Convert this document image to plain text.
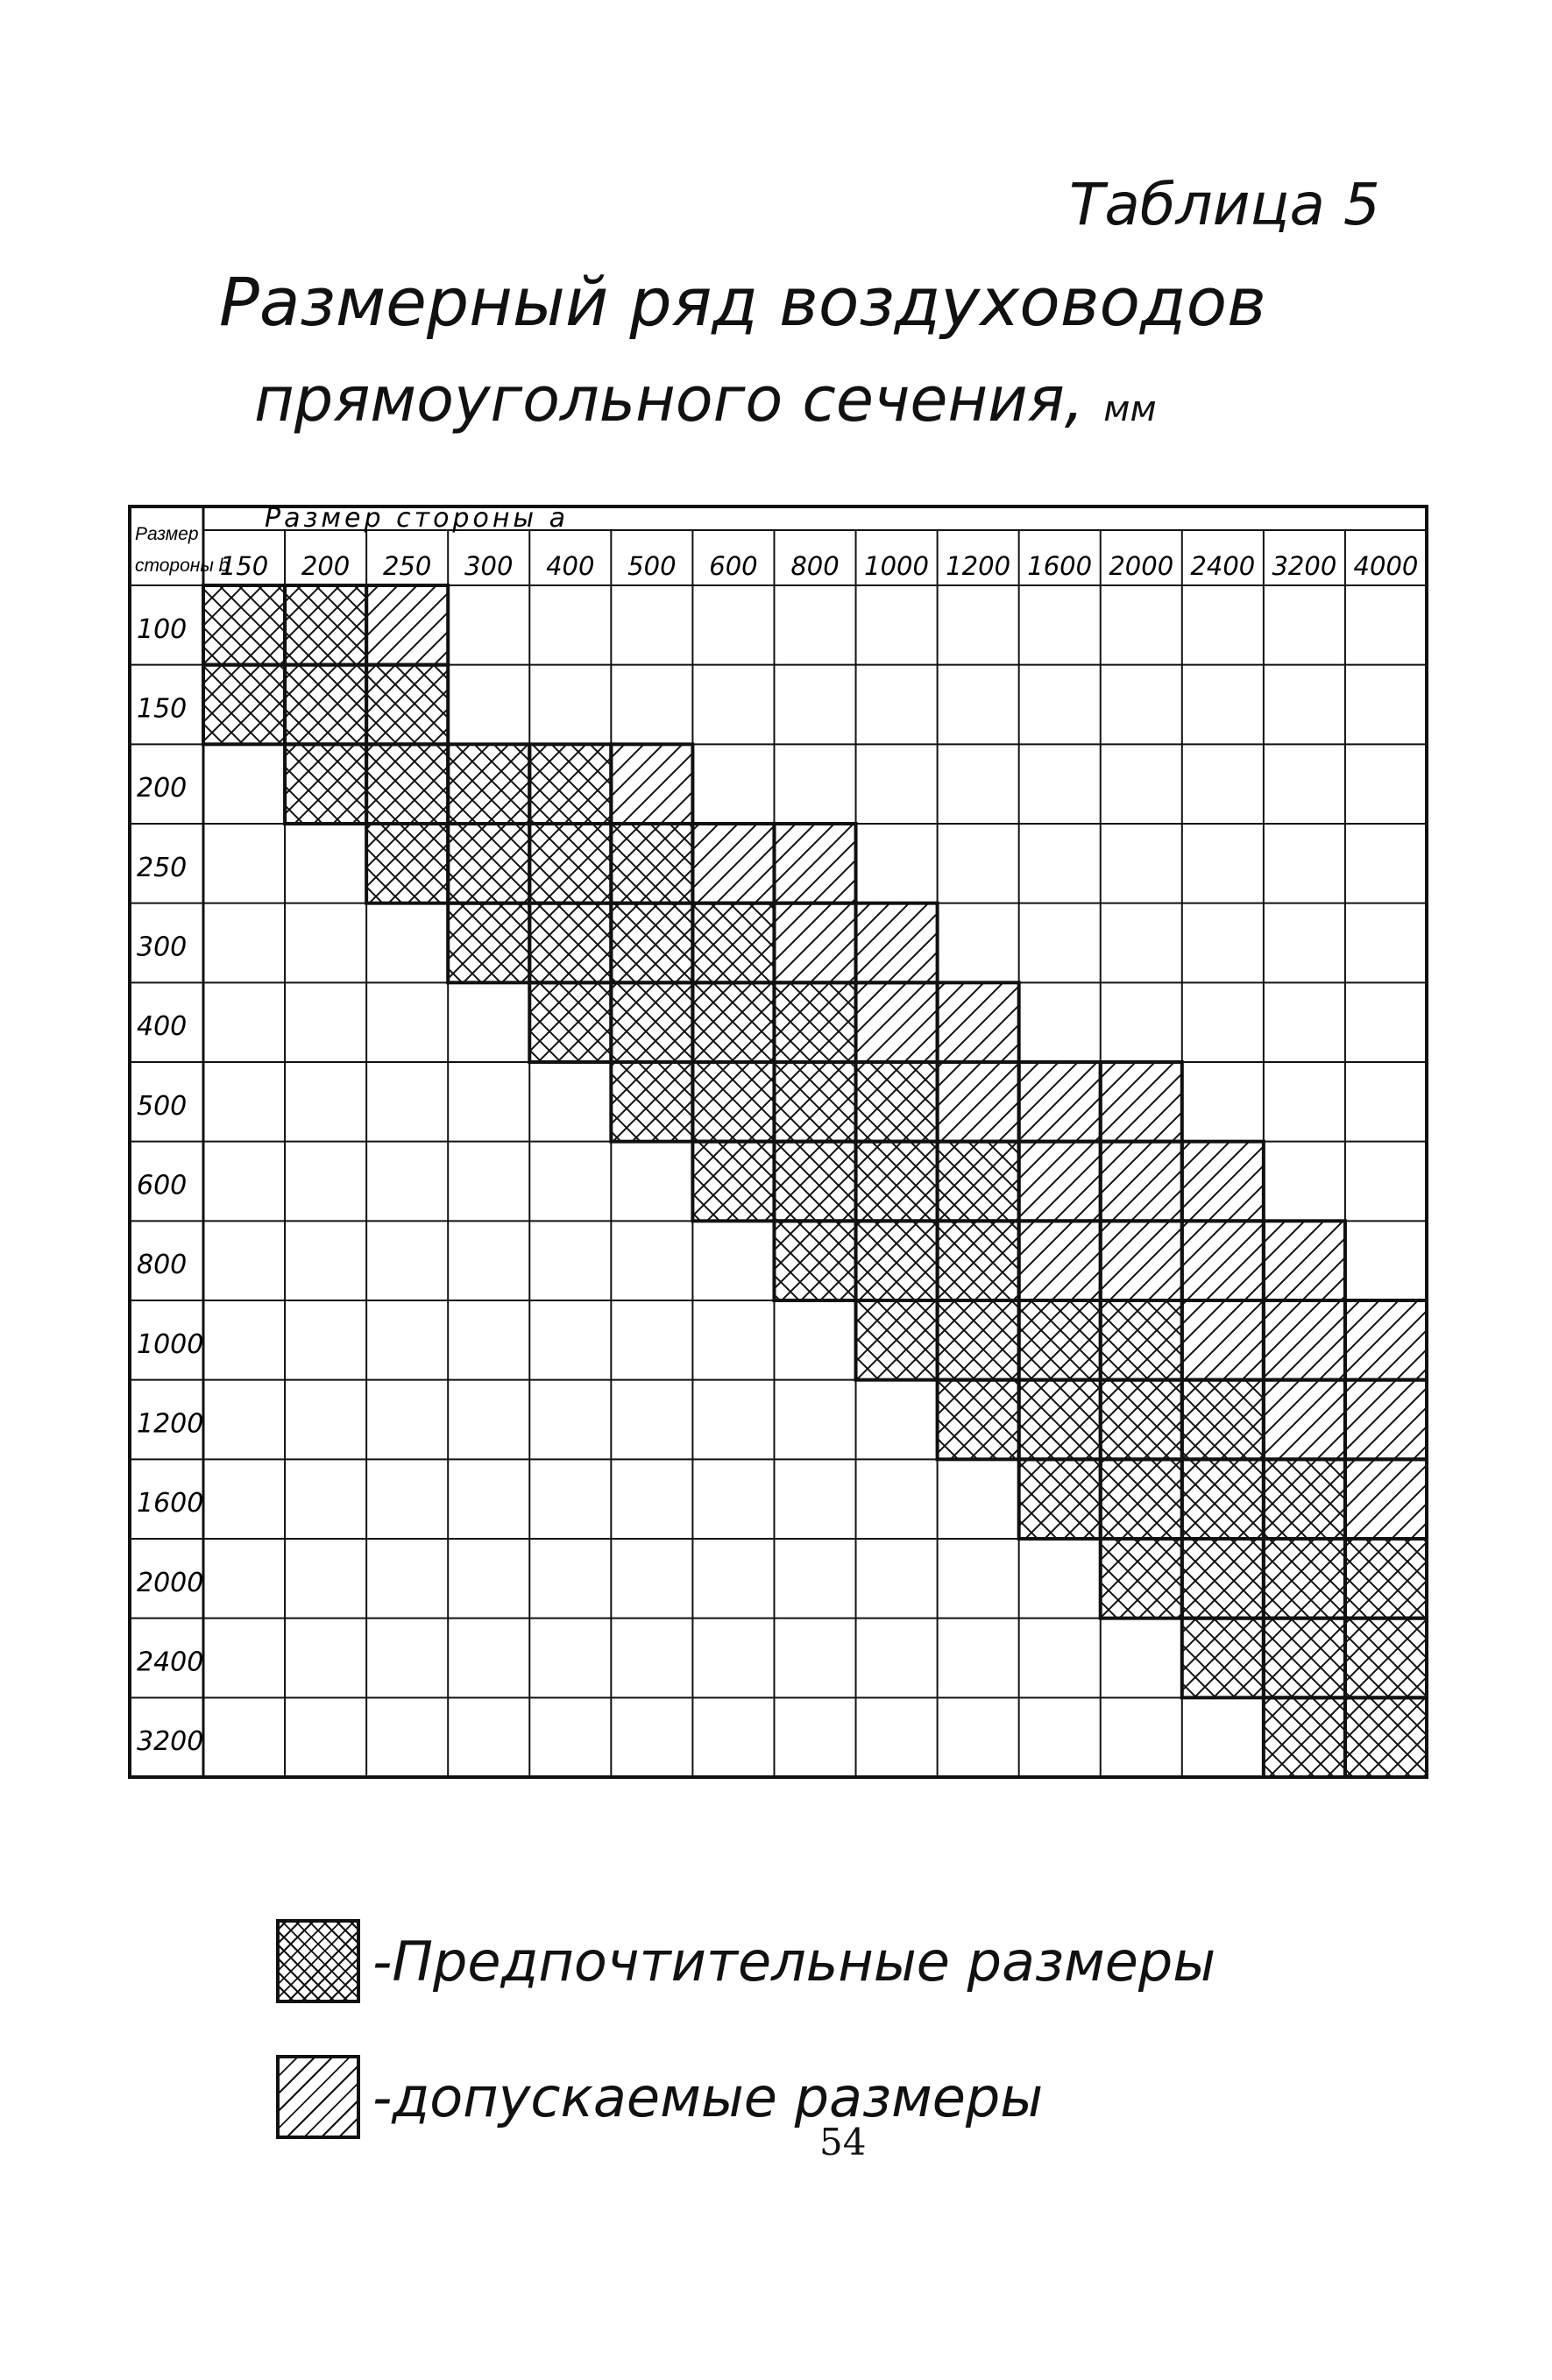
Таблица 5
Размерный ряд воздуховодов
прямоугольного сечения, мм
Размер
стороны b
Размер стороны a
150 200 250 300 400 500 600 800 1000 1200 1600 2000 2400 3200 4000
100
150
200
250
300
400
500
600
800
1000
1200
1600
2000
2400
3200
-Предпочтительные размеры
-допускаемые размеры
54
